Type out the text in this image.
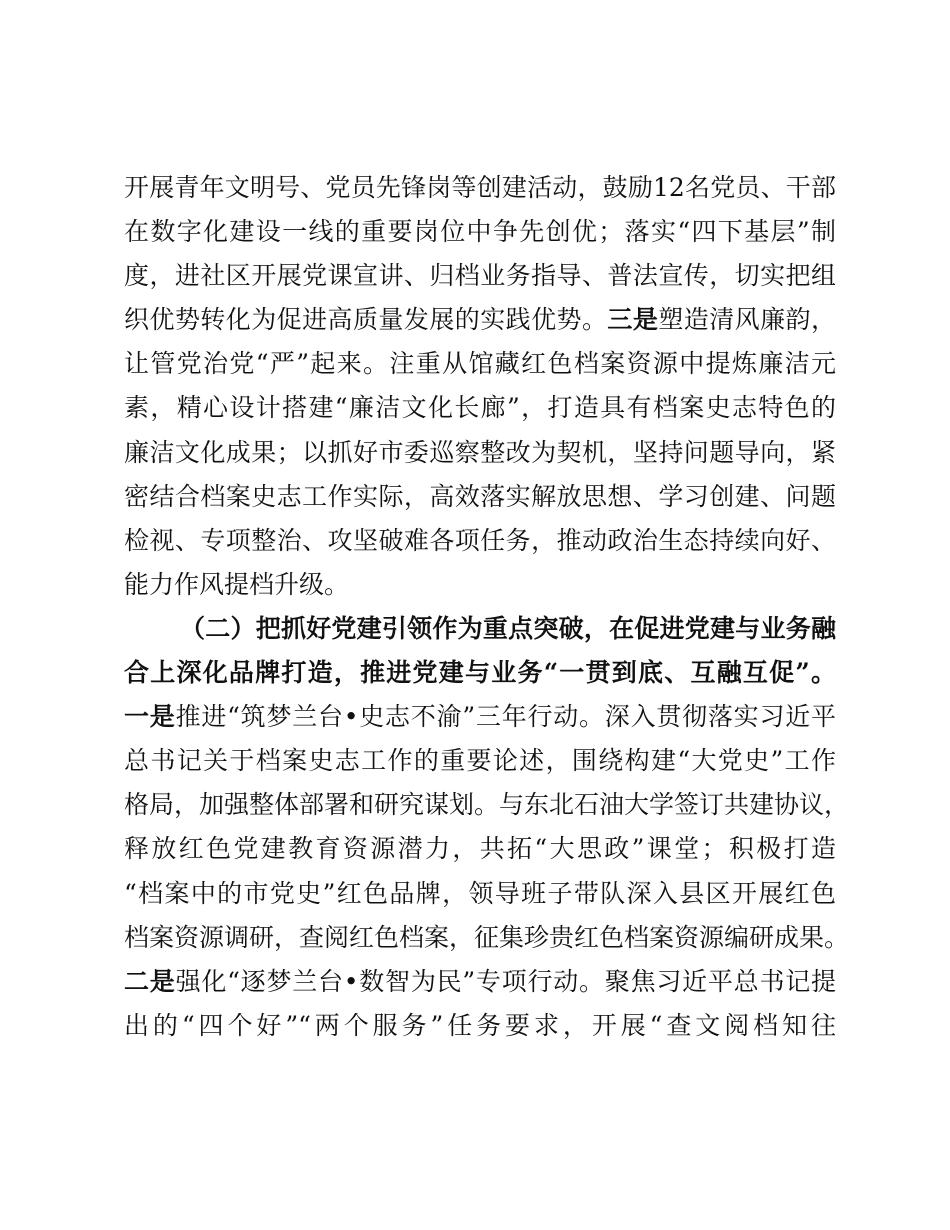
开展青年文明号、党员先锋岗等创建活动，鼓励12名党员、干部
在数字化建设一线的重要岗位中争先创优；落实“四下基层”制
度，进社区开展党课宣讲、归档业务指导、普法宣传，切实把组
织优势转化为促进高质量发展的实践优势。三是塑造清风廉韵，
让管党治党“严”起来。注重从馆藏红色档案资源中提炼廉洁元
素，精心设计搭建“廉洁文化长廊”，打造具有档案史志特色的
廉洁文化成果；以抓好市委巡察整改为契机，坚持问题导向，紧
密结合档案史志工作实际，高效落实解放思想、学习创建、问题
检视、专项整治、攻坚破难各项任务，推动政治生态持续向好、
能力作风提档升级。
（二）把抓好党建引领作为重点突破，在促进党建与业务融
合上深化品牌打造，推进党建与业务“一贯到底、互融互促”。
一是推进“筑梦兰台•史志不渝”三年行动。深入贯彻落实习近平
总书记关于档案史志工作的重要论述，围绕构建“大党史”工作
格局，加强整体部署和研究谋划。与东北石油大学签订共建协议，
释放红色党建教育资源潜力，共拓“大思政”课堂；积极打造
“档案中的市党史”红色品牌，领导班子带队深入县区开展红色
档案资源调研，查阅红色档案，征集珍贵红色档案资源编研成果。
二是强化“逐梦兰台•数智为民”专项行动。聚焦习近平总书记提
出的“四个好”“两个服务”任务要求，开展“查文阅档知往
